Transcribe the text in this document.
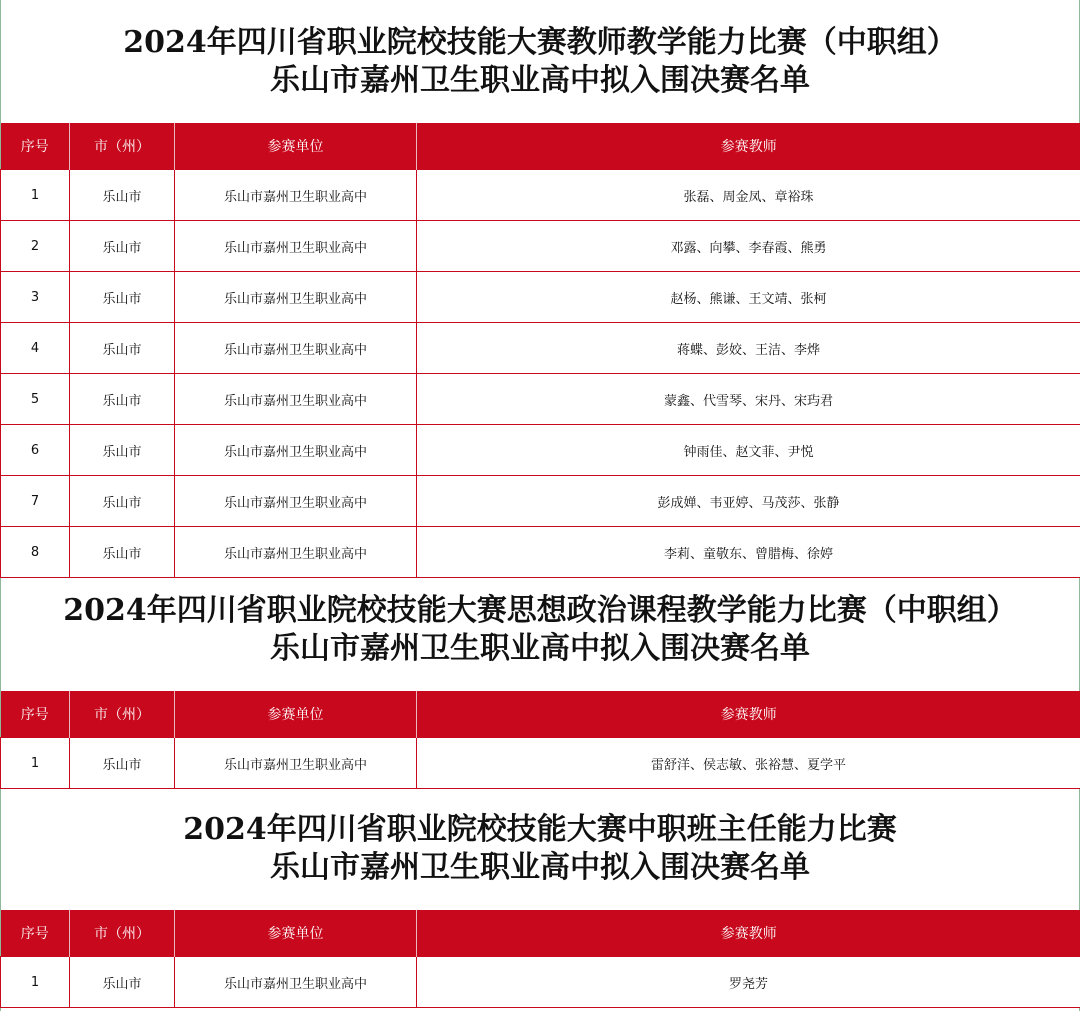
2024年四川省职业院校技能大赛教师教学能力比赛（中职组）
乐山市嘉州卫生职业高中拟入围决赛名单
序号	市（州）	参赛单位	参赛教师
1	乐山市	乐山市嘉州卫生职业高中	张磊、周金凤、章裕珠
2	乐山市	乐山市嘉州卫生职业高中	邓露、向攀、李春霞、熊勇
3	乐山市	乐山市嘉州卫生职业高中	赵杨、熊谦、王文靖、张柯
4	乐山市	乐山市嘉州卫生职业高中	蒋蝶、彭姣、王洁、李烨
5	乐山市	乐山市嘉州卫生职业高中	蒙鑫、代雪琴、宋丹、宋玙君
6	乐山市	乐山市嘉州卫生职业高中	钟雨佳、赵文菲、尹悦
7	乐山市	乐山市嘉州卫生职业高中	彭成婵、韦亚婷、马茂莎、张静
8	乐山市	乐山市嘉州卫生职业高中	李莉、童敬东、曾腊梅、徐婷
2024年四川省职业院校技能大赛思想政治课程教学能力比赛（中职组）
乐山市嘉州卫生职业高中拟入围决赛名单
序号	市（州）	参赛单位	参赛教师
1	乐山市	乐山市嘉州卫生职业高中	雷舒洋、侯志敏、张裕慧、夏学平
2024年四川省职业院校技能大赛中职班主任能力比赛
乐山市嘉州卫生职业高中拟入围决赛名单
序号	市（州）	参赛单位	参赛教师
1	乐山市	乐山市嘉州卫生职业高中	罗尧芳
